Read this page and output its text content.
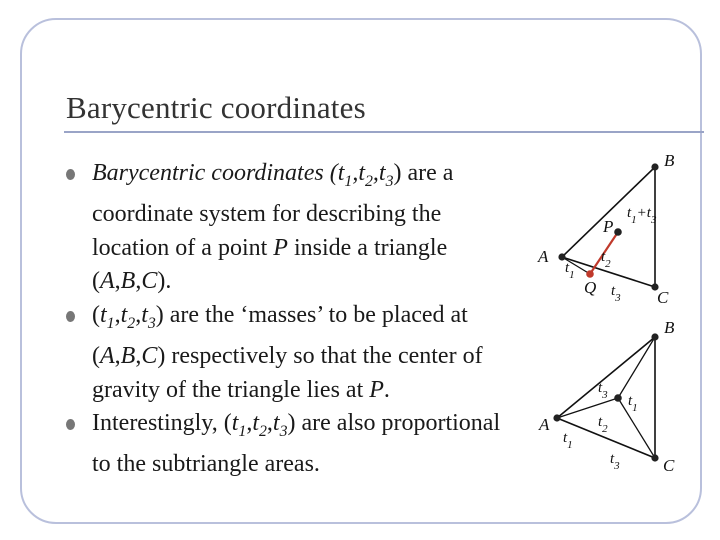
Barycentric coordinates
Barycentric coordinates $(t_1,t_2,t_3)$ are a coordinate system for describing the location of a point P inside a triangle (A,B,C).
$(t_1,t_2,t_3)$ are the ‘masses’ to be placed at (A,B,C) respectively so that the center of gravity of the triangle lies at P.
Interestingly, $(t_1,t_2,t_3)$ are also proportional to the subtriangle areas.
A
B
C
P
Q
$t_1$
$t_2$
$t_3$
$t_1+t_3$
A
B
C
$t_3$
$t_2$
$t_1$
$t_1$
$t_3$
